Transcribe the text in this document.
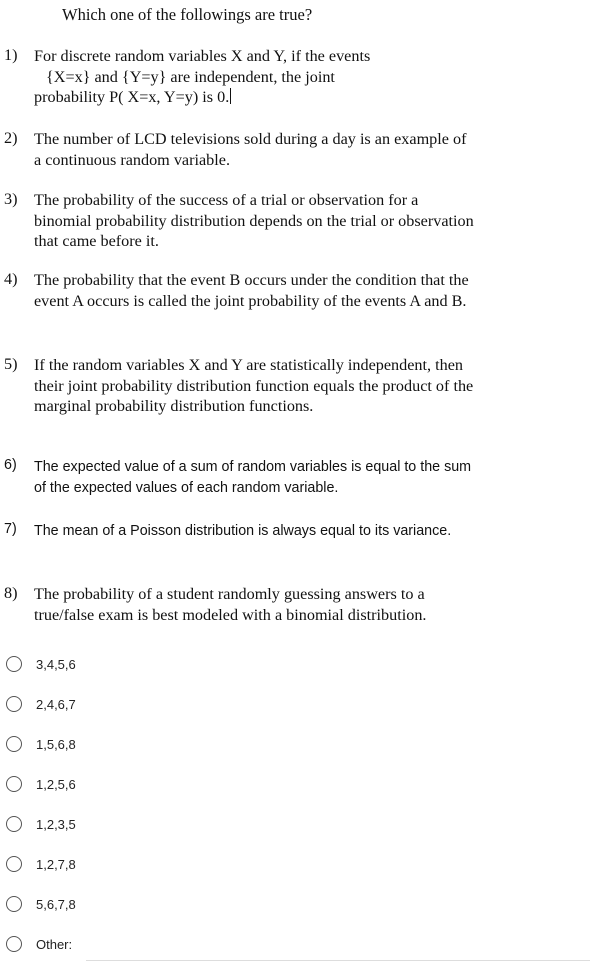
Which one of the followings are true?
1)	For discrete random variables X and Y, if the events
{X=x} and {Y=y} are independent, the joint
probability P( X=x, Y=y) is 0.
2)	The number of LCD televisions sold during a day is an example of a continuous random variable.
3)	The probability of the success of a trial or observation for a binomial probability distribution depends on the trial or observation that came before it.
4)	The probability that the event B occurs under the condition that the event A occurs is called the joint probability of the events A and B.
5)	If the random variables X and Y are statistically independent, then their joint probability distribution function equals the product of the marginal probability distribution functions.
6)	The expected value of a sum of random variables is equal to the sum of the expected values of each random variable.
7)	The mean of a Poisson distribution is always equal to its variance.
8)	The probability of a student randomly guessing answers to a true/false exam is best modeled with a binomial distribution.
3,4,5,6
2,4,6,7
1,5,6,8
1,2,5,6
1,2,3,5
1,2,7,8
5,6,7,8
Other:
